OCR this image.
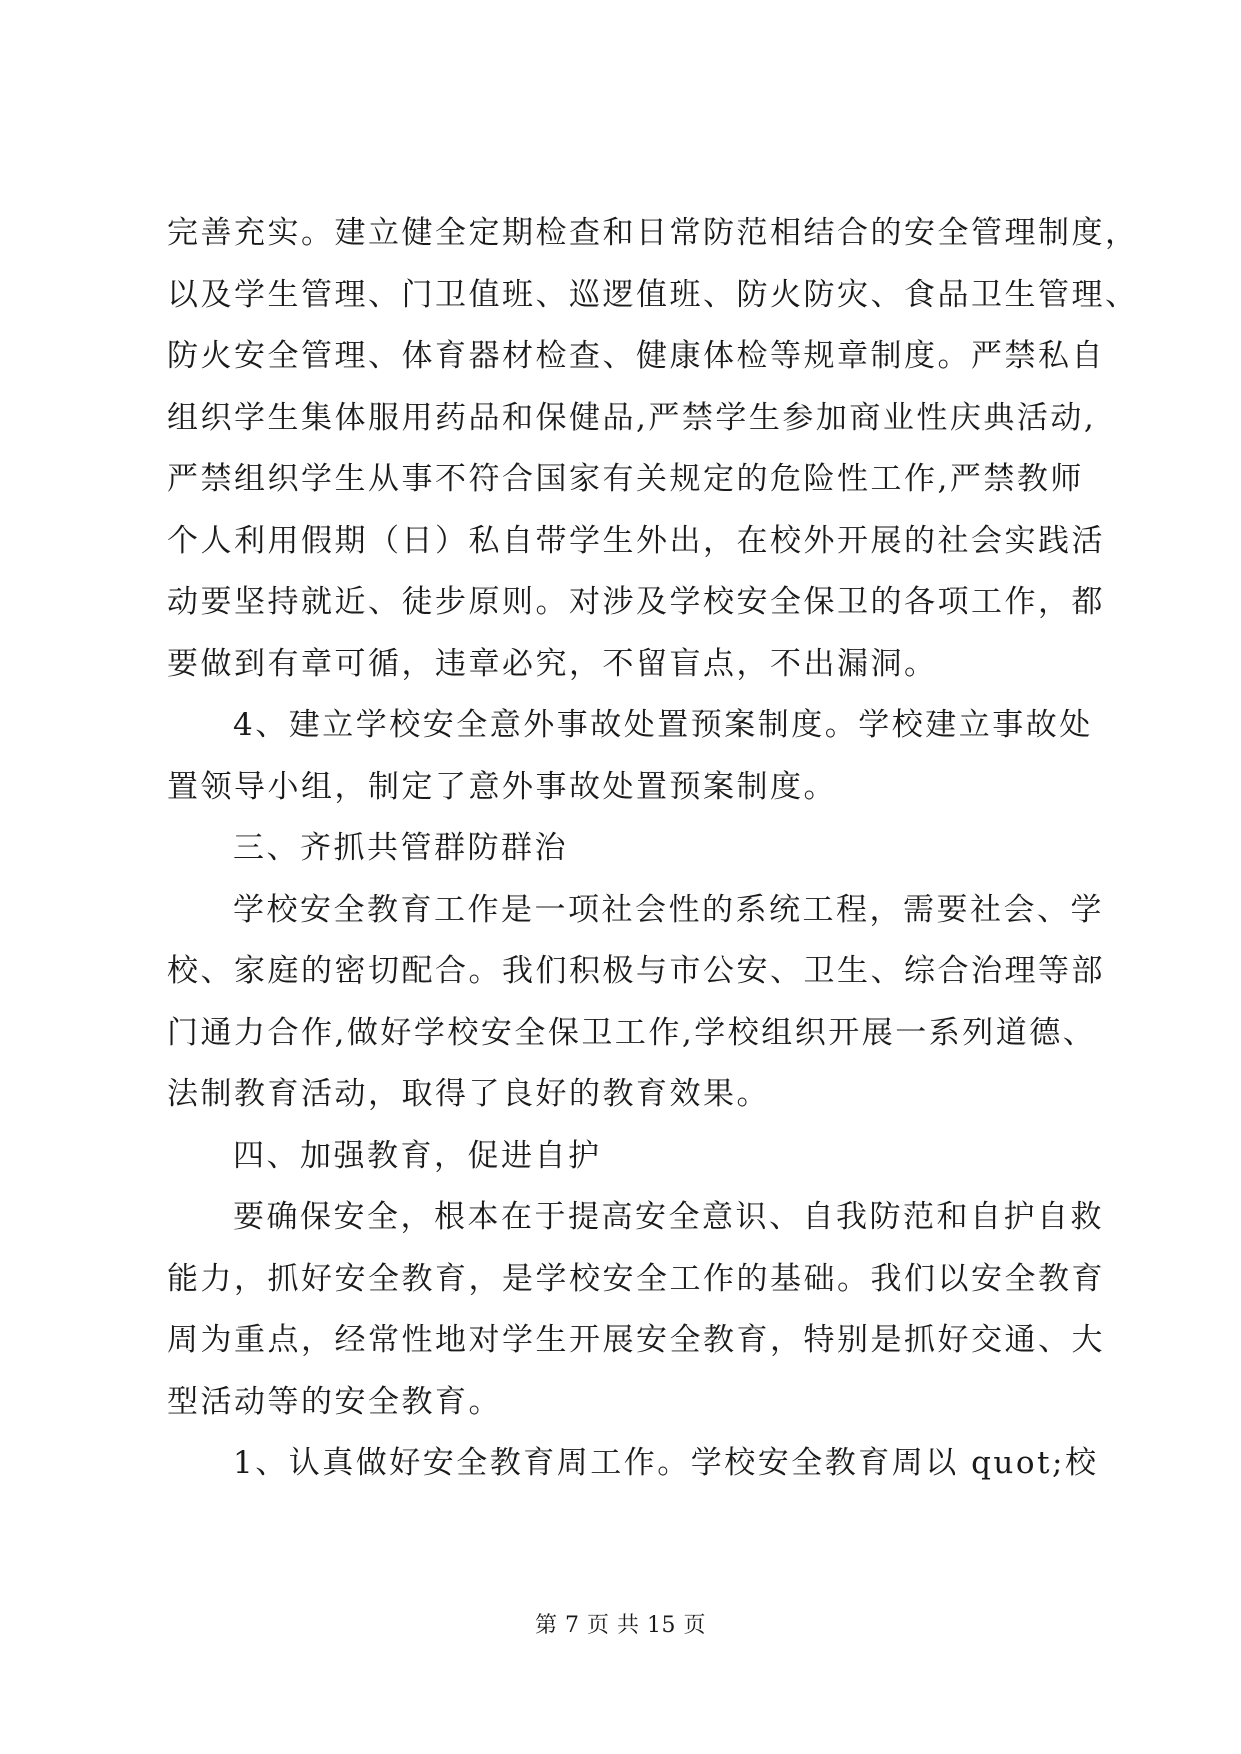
完善充实。建立健全定期检查和日常防范相结合的安全管理制度，
以及学生管理、门卫值班、巡逻值班、防火防灾、食品卫生管理、
防火安全管理、体育器材检查、健康体检等规章制度。严禁私自
组织学生集体服用药品和保健品,严禁学生参加商业性庆典活动,
严禁组织学生从事不符合国家有关规定的危险性工作,严禁教师
个人利用假期（日）私自带学生外出，在校外开展的社会实践活
动要坚持就近、徒步原则。对涉及学校安全保卫的各项工作，都
要做到有章可循，违章必究，不留盲点，不出漏洞。
4、建立学校安全意外事故处置预案制度。学校建立事故处
置领导小组，制定了意外事故处置预案制度。
三、齐抓共管群防群治
学校安全教育工作是一项社会性的系统工程，需要社会、学
校、家庭的密切配合。我们积极与市公安、卫生、综合治理等部
门通力合作,做好学校安全保卫工作,学校组织开展一系列道德、
法制教育活动，取得了良好的教育效果。
四、加强教育，促进自护
要确保安全，根本在于提高安全意识、自我防范和自护自救
能力，抓好安全教育，是学校安全工作的基础。我们以安全教育
周为重点，经常性地对学生开展安全教育，特别是抓好交通、大
型活动等的安全教育。
1、认真做好安全教育周工作。学校安全教育周以 quot;校
第 7 页 共 15 页
